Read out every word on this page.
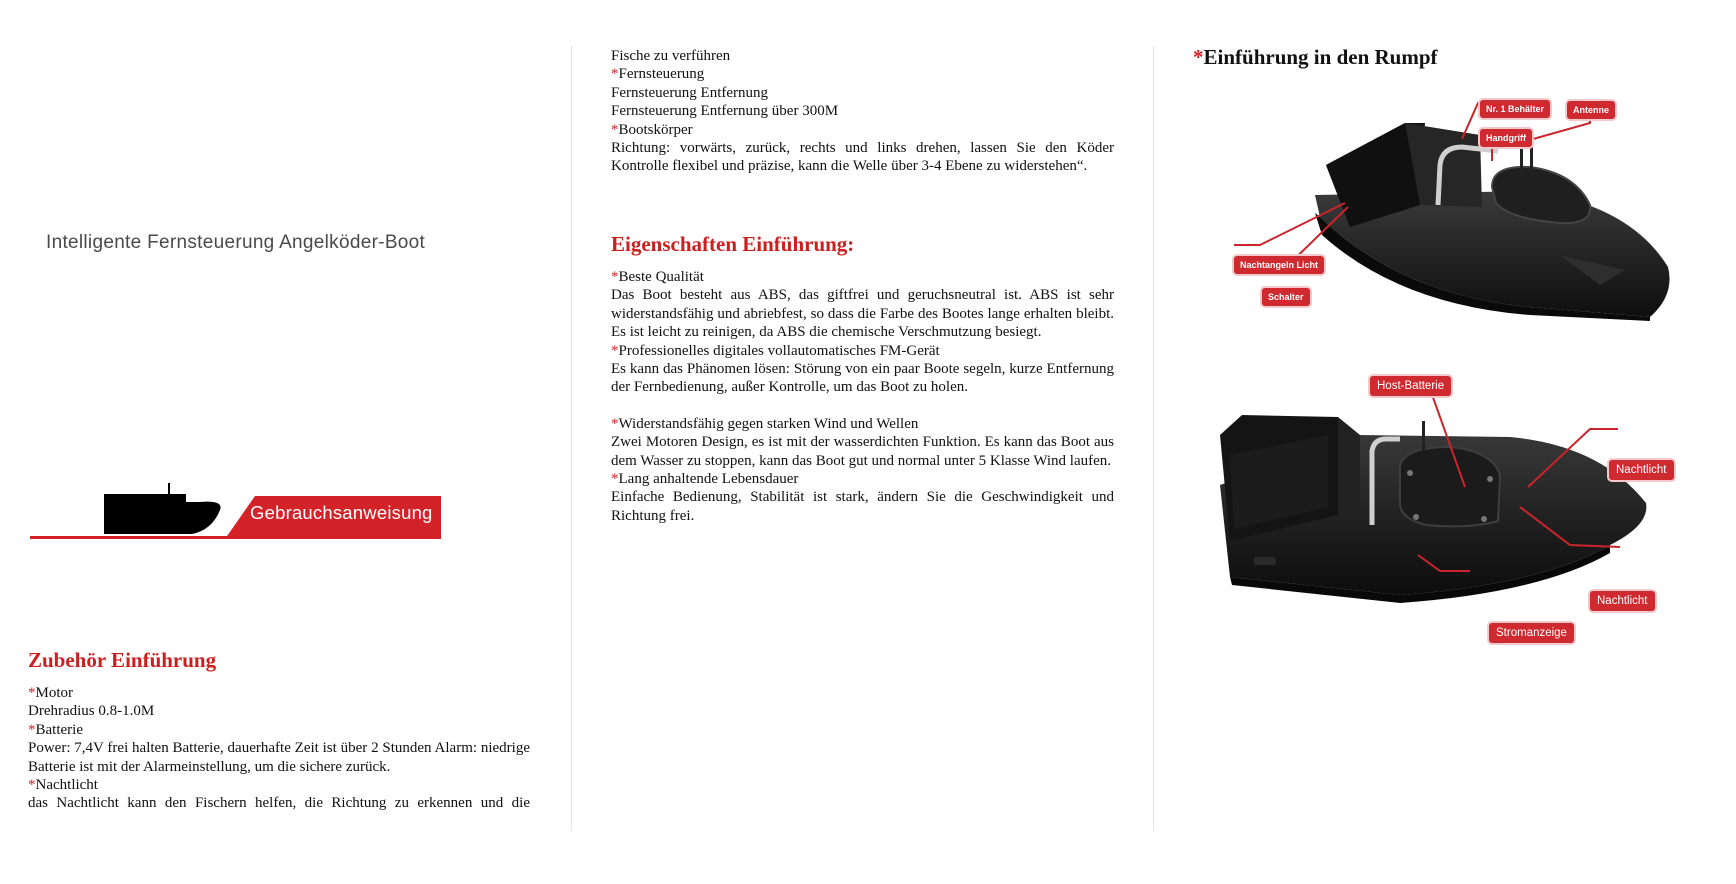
Intelligente Fernsteuerung Angelköder-Boot
Gebrauchsanweisung
Zubehör Einführung

*Motor

Drehradius 0.8-1.0M

*Batterie

Power: 7,4V frei halten Batterie, dauerhafte Zeit ist über 2 Stunden Alarm: niedrige Batterie ist mit der Alarmeinstellung, um die sichere zurück.

*Nachtlicht

das Nachtlicht kann den Fischern helfen, die Richtung zu erkennen und die

Fische zu verführen

*Fernsteuerung

Fernsteuerung Entfernung

Fernsteuerung Entfernung über 300M

*Bootskörper

Richtung: vorwärts, zurück, rechts und links drehen, lassen Sie den Köder Kontrolle flexibel und präzise, kann die Welle über 3-4 Ebene zu widerstehen“.

Eigenschaften Einführung:

*Beste Qualität

Das Boot besteht aus ABS, das giftfrei und geruchsneutral ist. ABS ist sehr widerstandsfähig und abriebfest, so dass die Farbe des Bootes lange erhalten bleibt. Es ist leicht zu reinigen, da ABS die chemische Verschmutzung besiegt.

*Professionelles digitales vollautomatisches FM-Gerät

Es kann das Phänomen lösen: Störung von ein paar Boote segeln, kurze Entfernung der Fernbedienung, außer Kontrolle, um das Boot zu holen.

*Widerstandsfähig gegen starken Wind und Wellen

Zwei Motoren Design, es ist mit der wasserdichten Funktion. Es kann das Boot aus dem Wasser zu stoppen, kann das Boot gut und normal unter 5 Klasse Wind laufen.

*Lang anhaltende Lebensdauer

Einfache Bedienung, Stabilität ist stark, ändern Sie die Geschwindigkeit und Richtung frei.

*Einführung in den Rumpf
Nr. 1 Behälter	Antenne
Handgriff
Nachtangeln Licht
Schalter
Host-Batterie
Nachtlicht
Nachtlicht
Stromanzeige
